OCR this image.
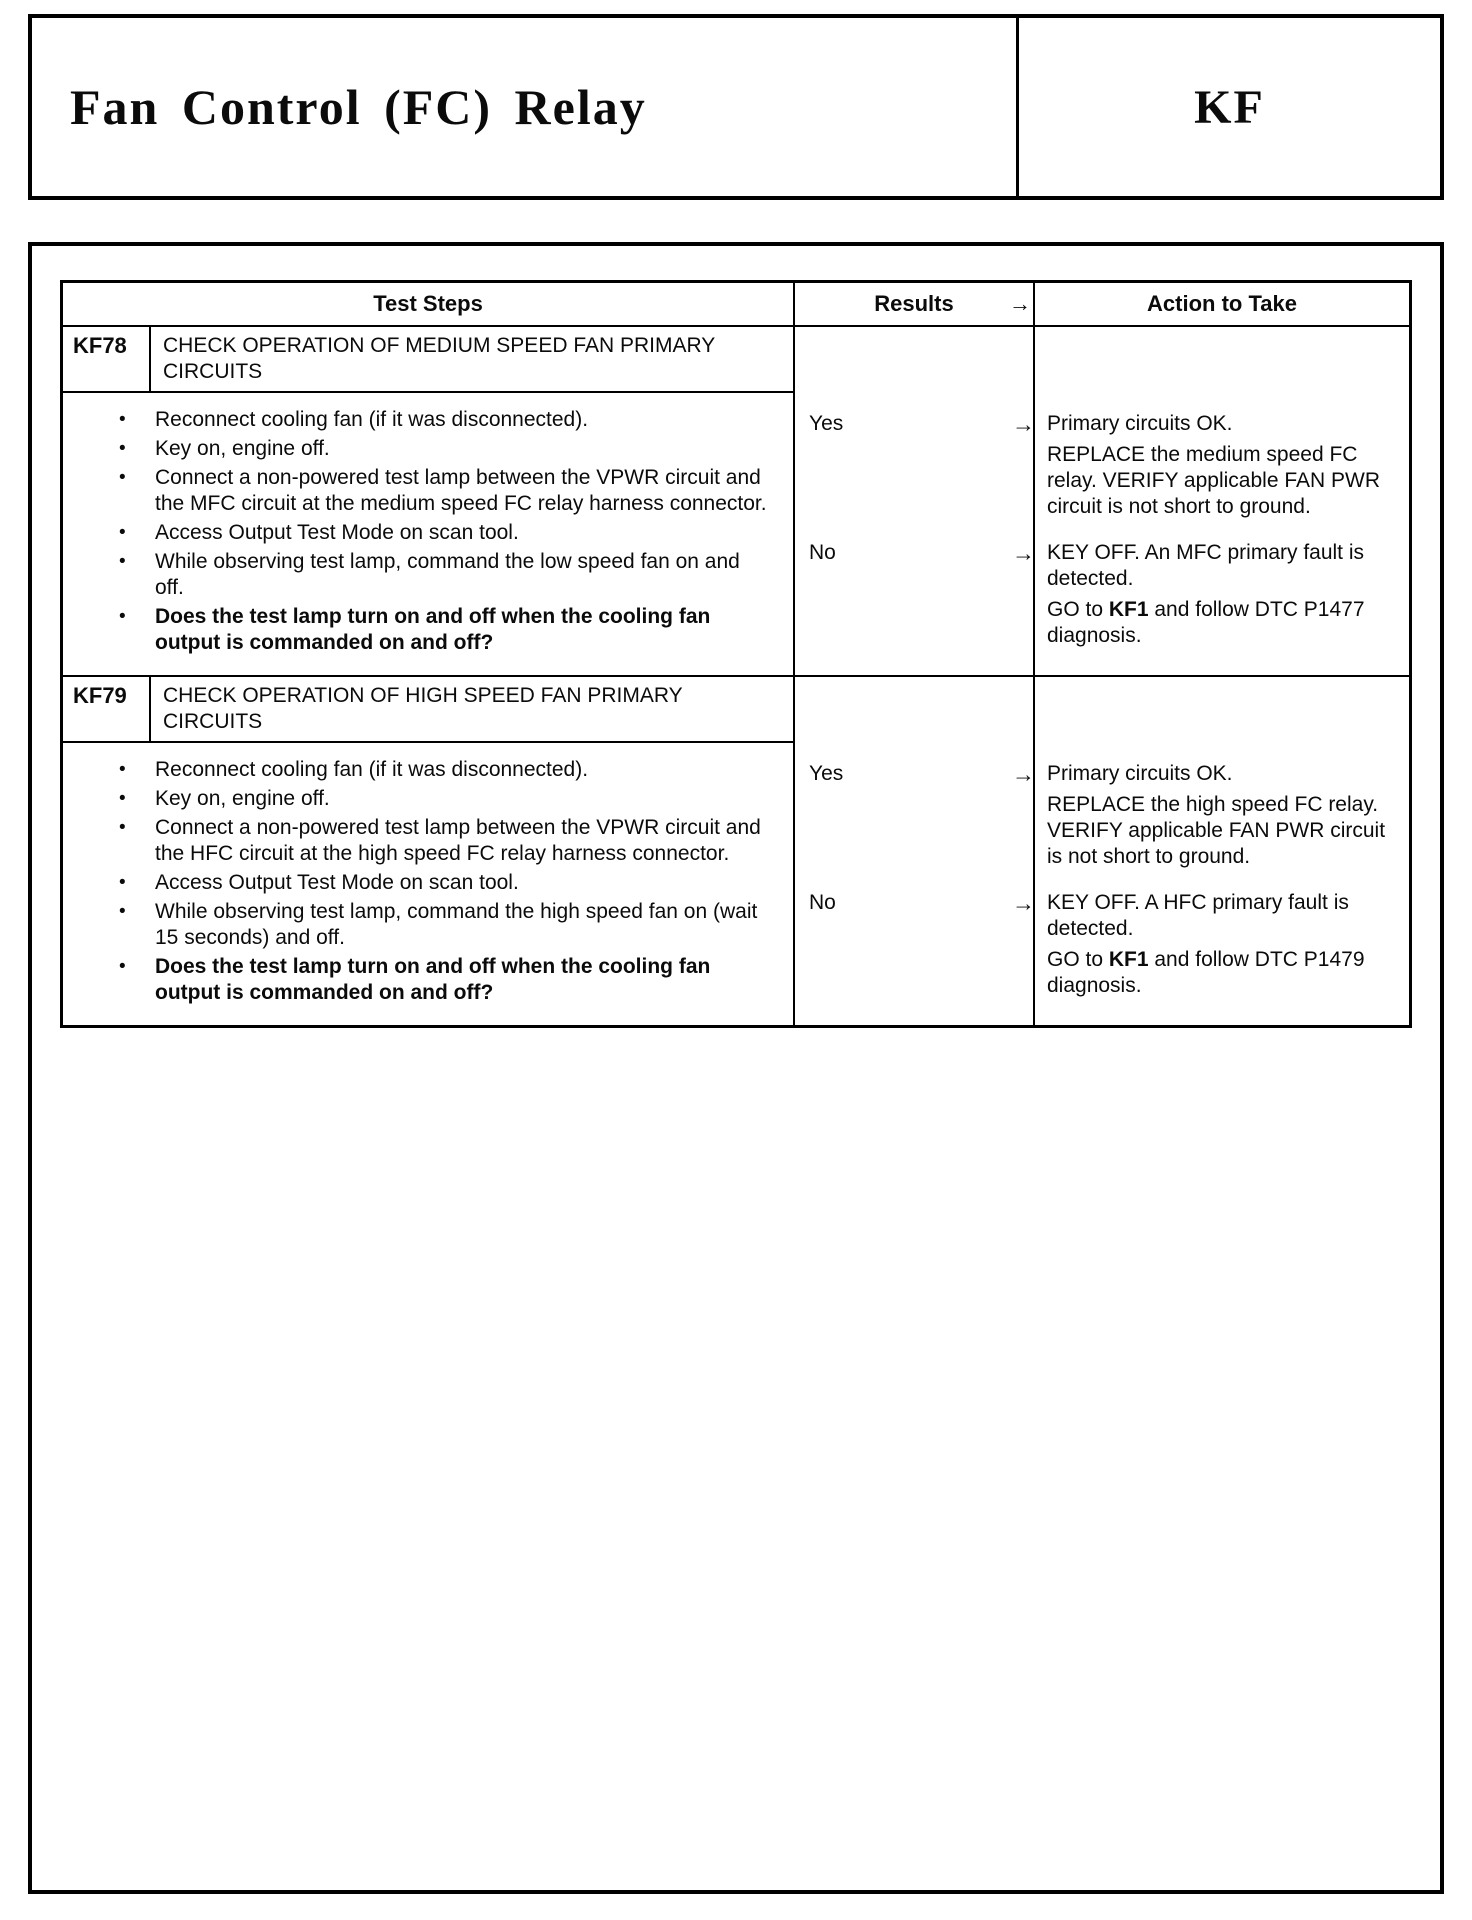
Fan Control (FC) Relay	KF
Test Steps	Results	→	Action to Take
KF78	CHECK OPERATION OF MEDIUM SPEED FAN PRIMARY CIRCUITS
•	Reconnect cooling fan (if it was disconnected).
•	Key on, engine off.
•	Connect a non-powered test lamp between the VPWR circuit and the MFC circuit at the medium speed FC relay harness connector.
•	Access Output Test Mode on scan tool.
•	While observing test lamp, command the low speed fan on and off.
•	Does the test lamp turn on and off when the cooling fan output is commanded on and off?
Yes	→ Primary circuits OK.
REPLACE the medium speed FC relay. VERIFY applicable FAN PWR circuit is not short to ground.
No	→ KEY OFF. An MFC primary fault is detected.
GO to KF1 and follow DTC P1477 diagnosis.
KF79	CHECK OPERATION OF HIGH SPEED FAN PRIMARY CIRCUITS
•	Reconnect cooling fan (if it was disconnected).
•	Key on, engine off.
•	Connect a non-powered test lamp between the VPWR circuit and the HFC circuit at the high speed FC relay harness connector.
•	Access Output Test Mode on scan tool.
•	While observing test lamp, command the high speed fan on (wait 15 seconds) and off.
•	Does the test lamp turn on and off when the cooling fan output is commanded on and off?
Yes	→ Primary circuits OK.
REPLACE the high speed FC relay. VERIFY applicable FAN PWR circuit is not short to ground.
No	→ KEY OFF. A HFC primary fault is detected.
GO to KF1 and follow DTC P1479 diagnosis.
